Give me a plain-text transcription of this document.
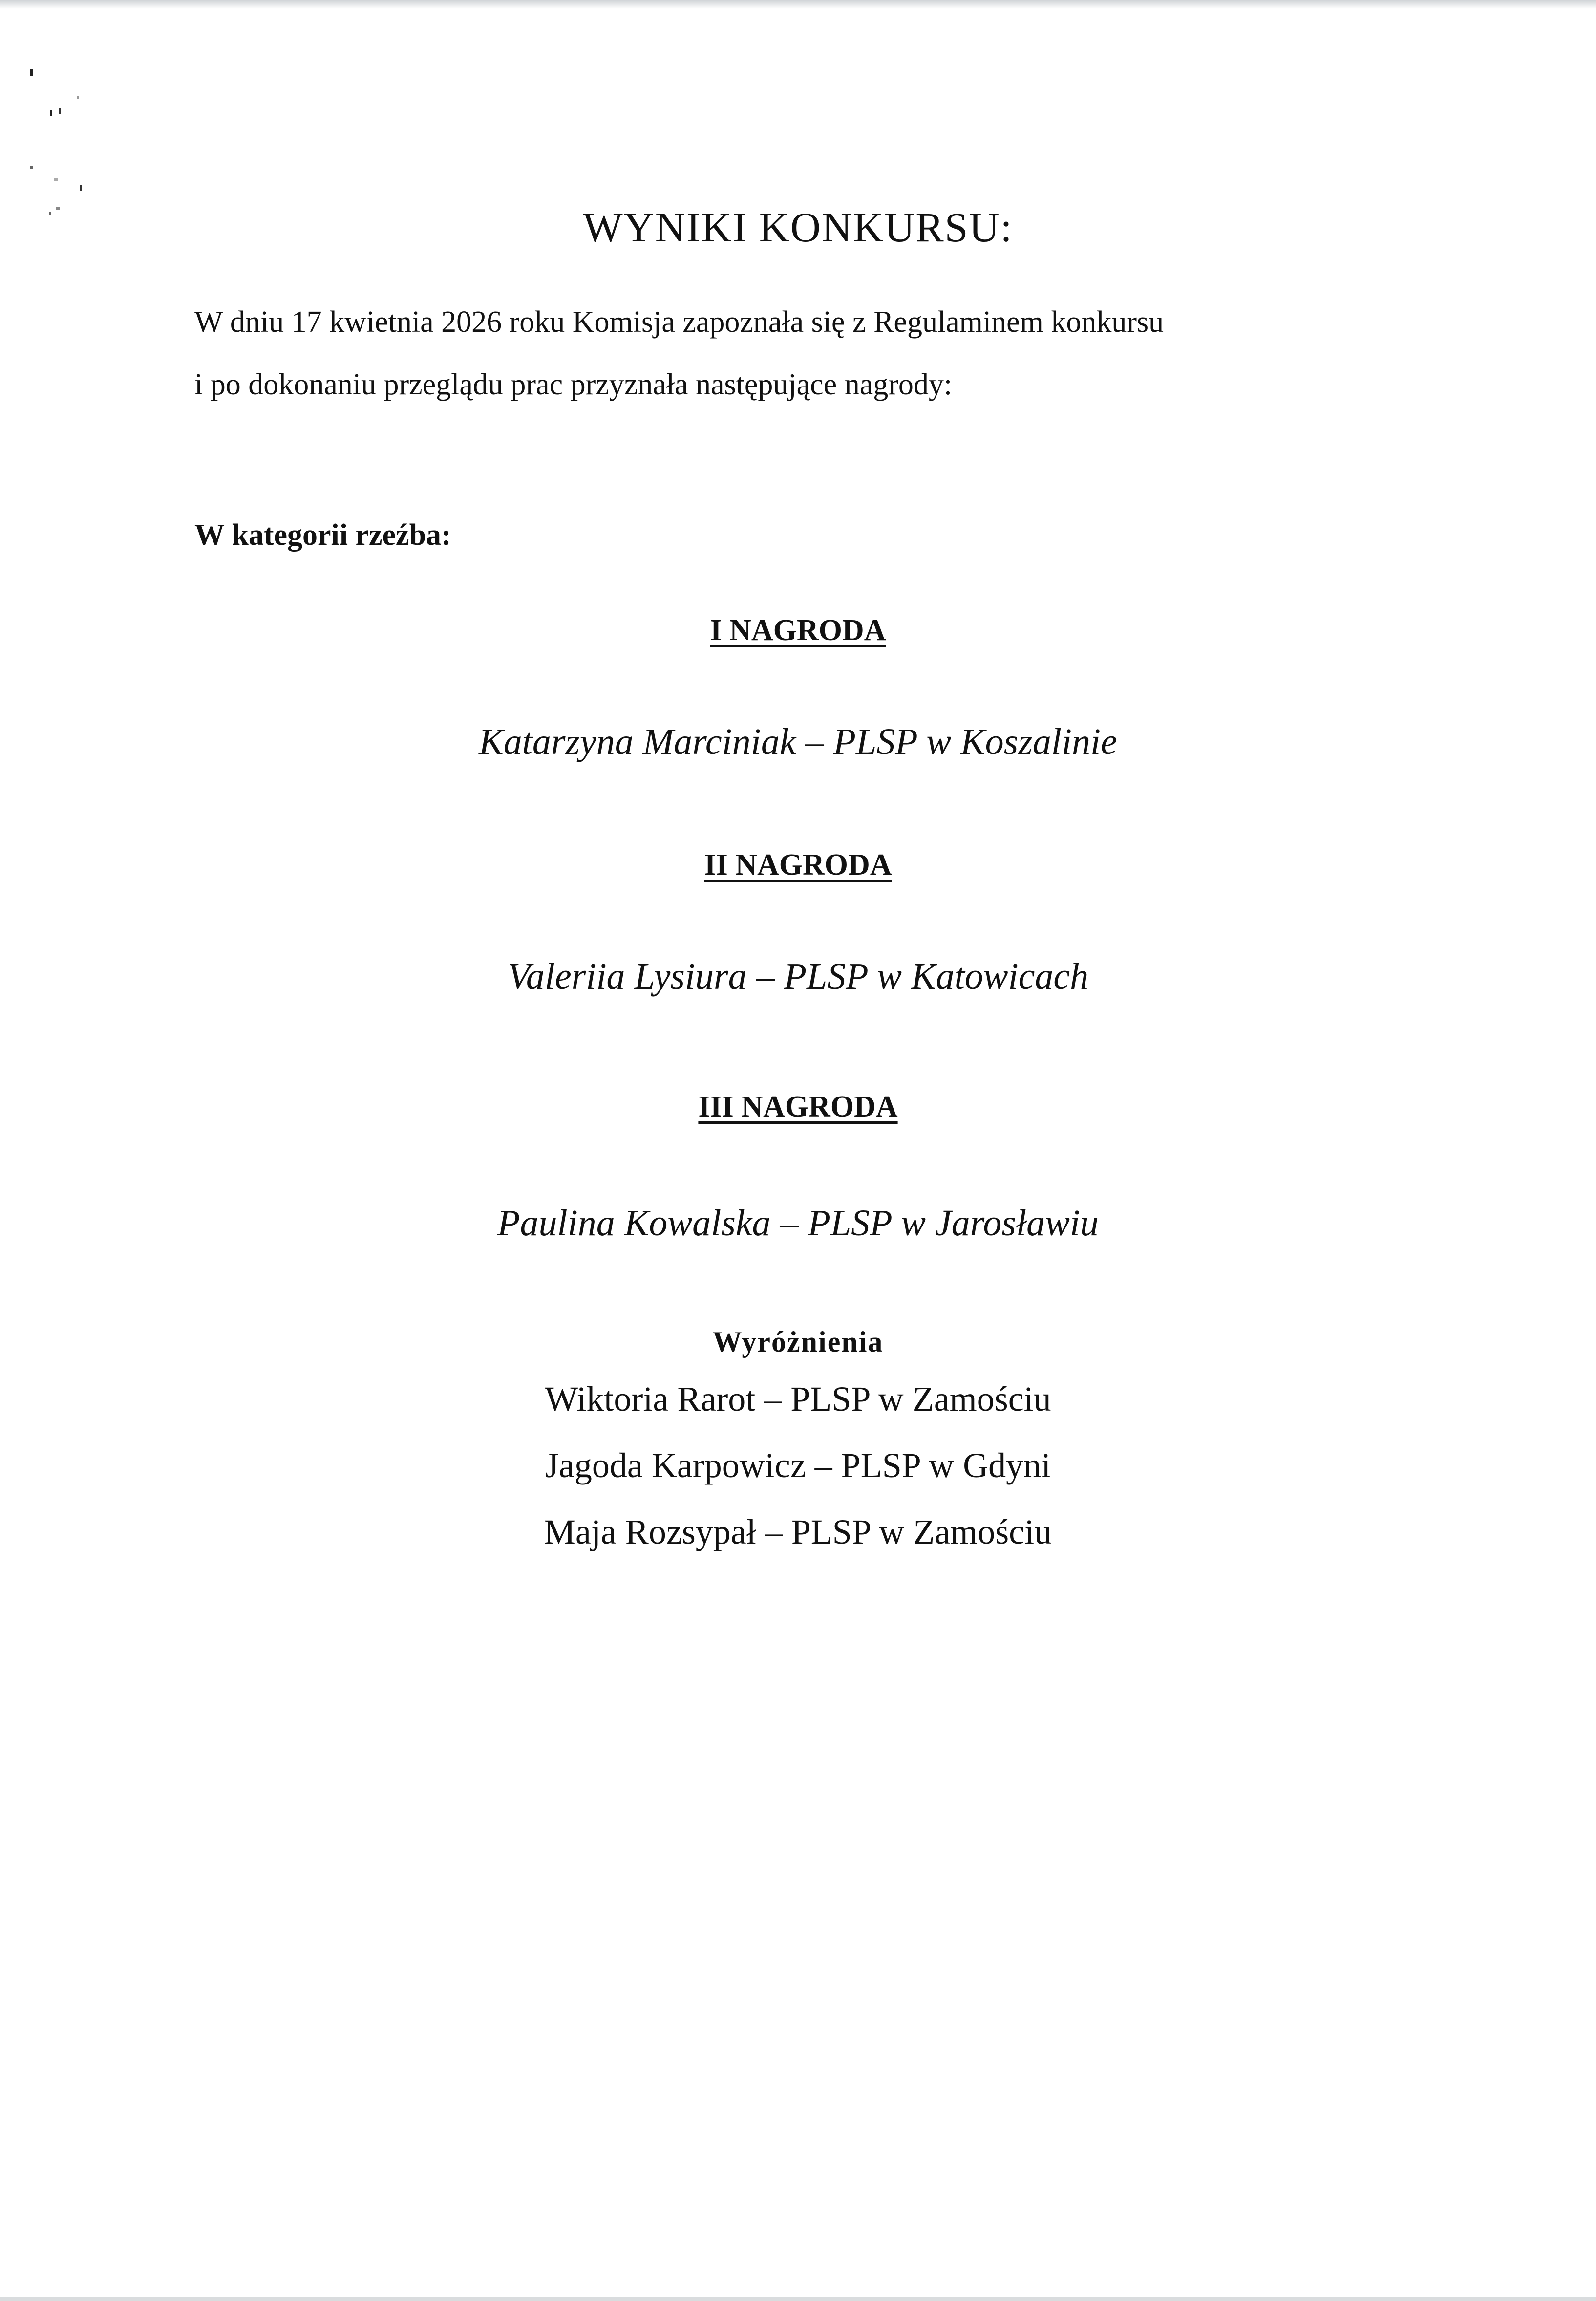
WYNIKI KONKURSU:

W dniu 17 kwietnia 2026 roku Komisja zapoznała się z Regulaminem konkursu
i po dokonaniu przeglądu prac przyznała następujące nagrody:

W kategorii rzeźba:

I NAGRODA

Katarzyna Marciniak – PLSP w Koszalinie

II NAGRODA

Valeriia Lysiura – PLSP w Katowicach

III NAGRODA

Paulina Kowalska – PLSP w Jarosławiu

Wyróżnienia

Wiktoria Rarot – PLSP w Zamościu

Jagoda Karpowicz – PLSP w Gdyni

Maja Rozsypał – PLSP w Zamościu
